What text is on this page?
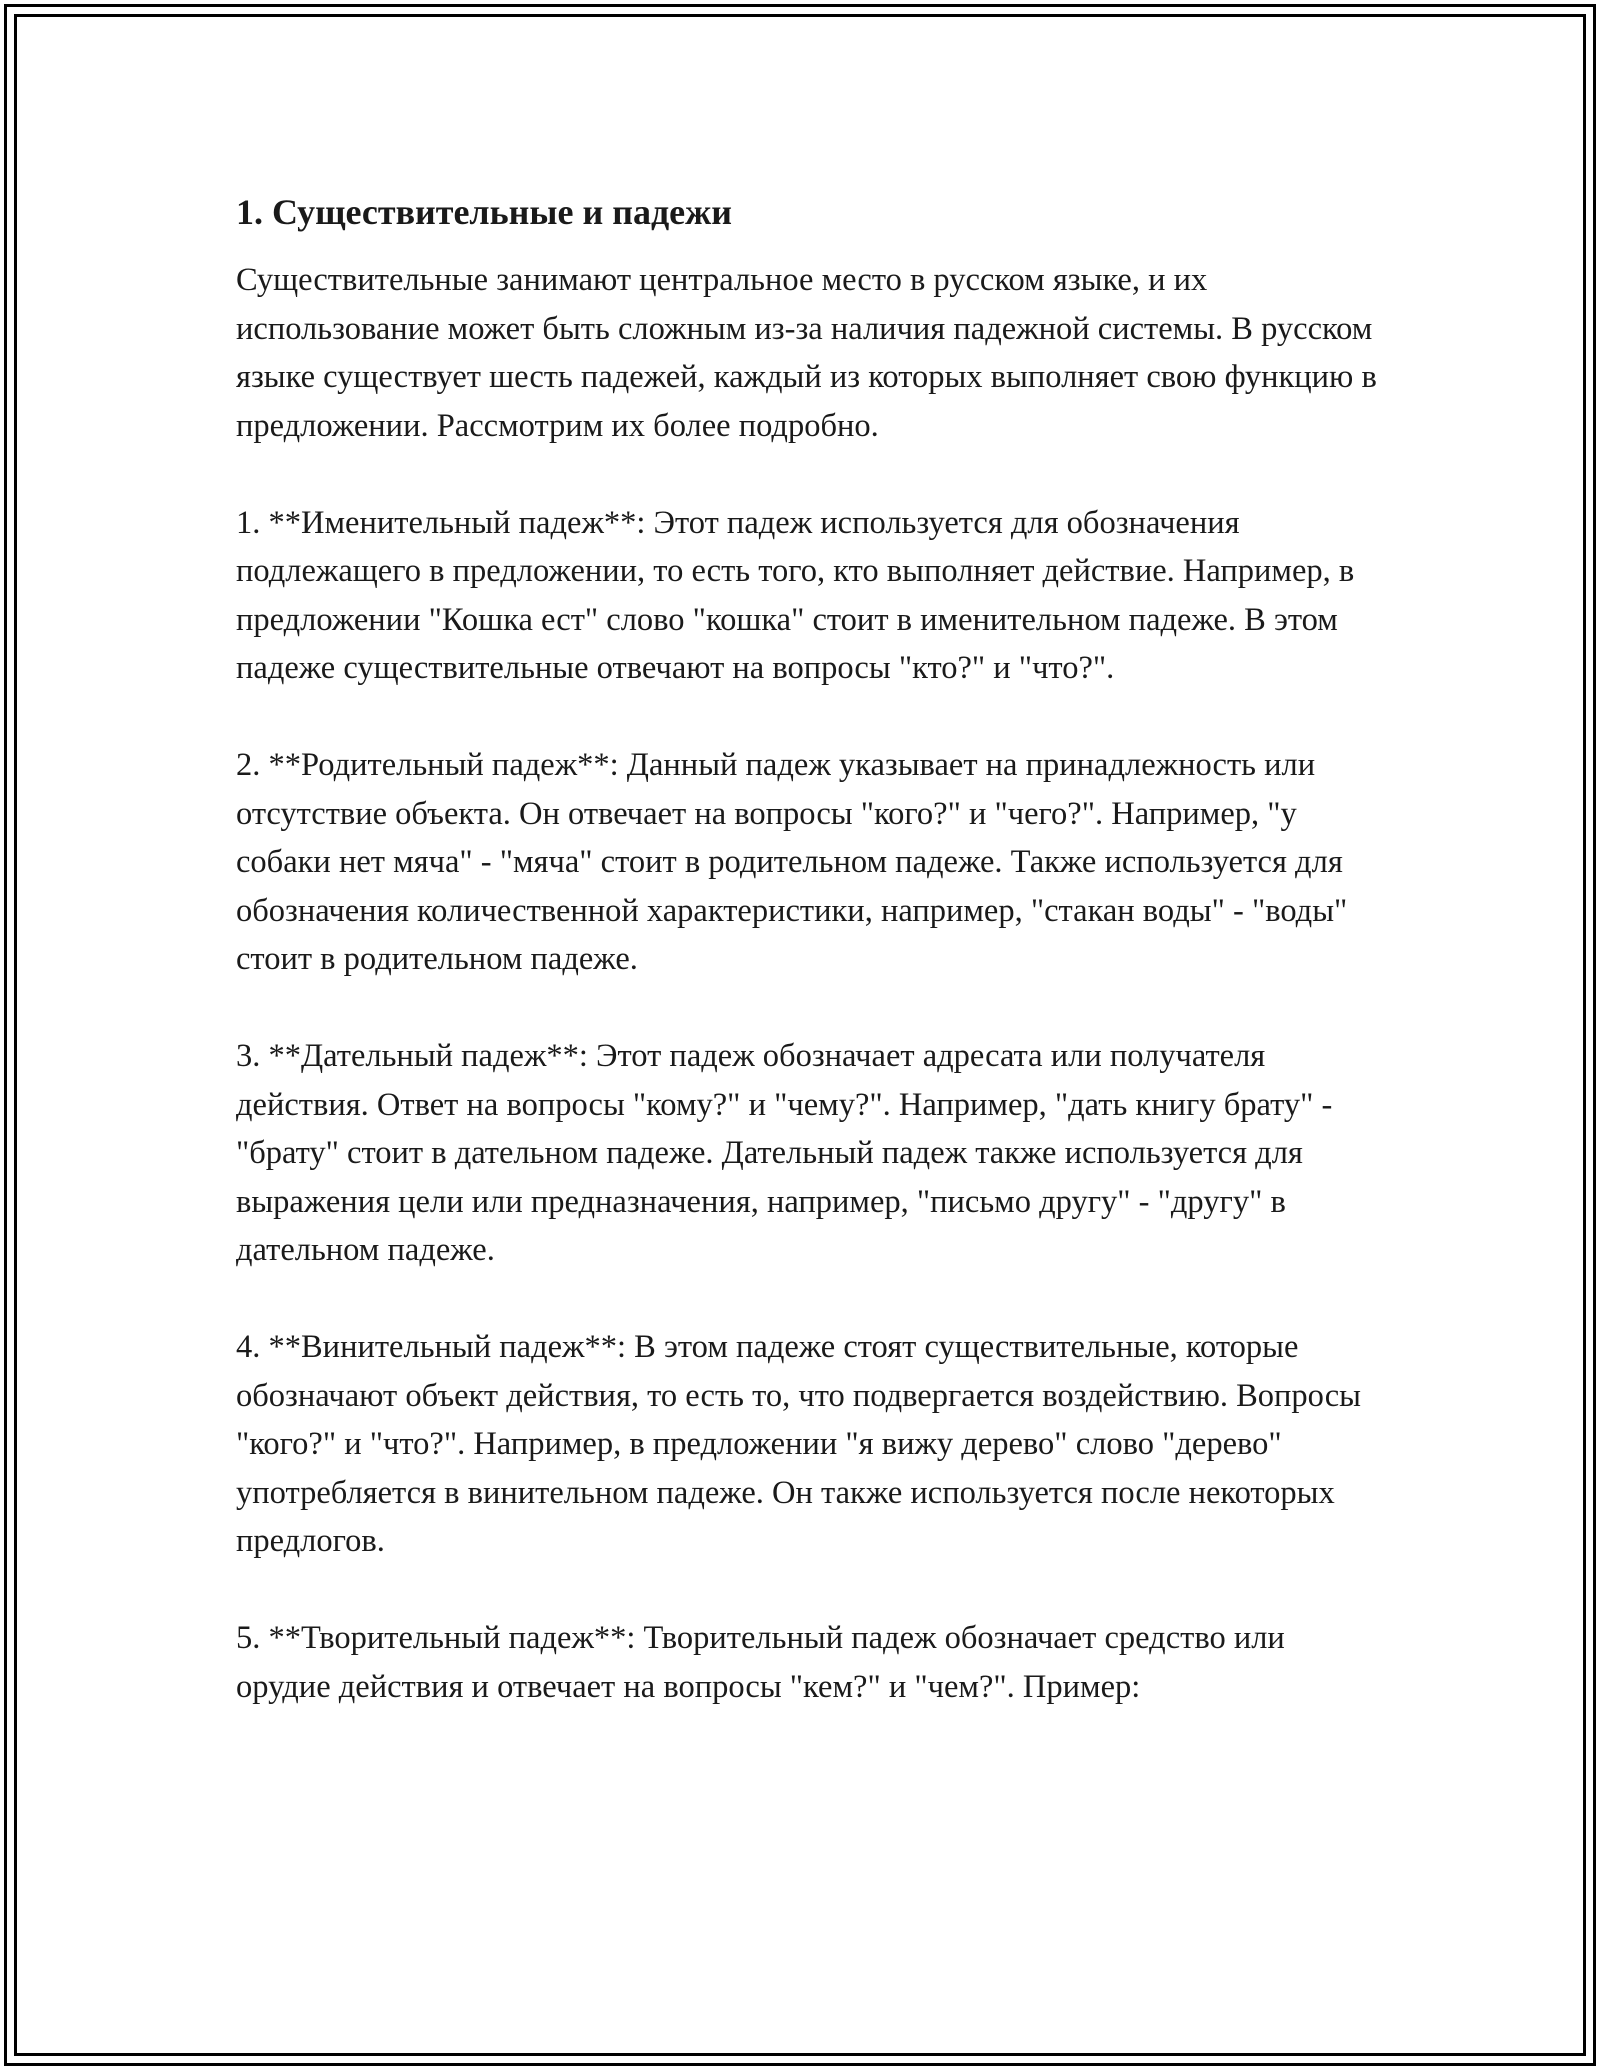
1. Существительные и падежи

Существительные занимают центральное место в русском языке, и их использование может быть сложным из-за наличия падежной системы. В русском языке существует шесть падежей, каждый из которых выполняет свою функцию в предложении. Рассмотрим их более подробно.

1. **Именительный падеж**: Этот падеж используется для обозначения подлежащего в предложении, то есть того, кто выполняет действие. Например, в предложении "Кошка ест" слово "кошка" стоит в именительном падеже. В этом падеже существительные отвечают на вопросы "кто?" и "что?".

2. **Родительный падеж**: Данный падеж указывает на принадлежность или отсутствие объекта. Он отвечает на вопросы "кого?" и "чего?". Например, "у собаки нет мяча" - "мяча" стоит в родительном падеже. Также используется для обозначения количественной характеристики, например, "стакан воды" - "воды" стоит в родительном падеже.

3. **Дательный падеж**: Этот падеж обозначает адресата или получателя действия. Ответ на вопросы "кому?" и "чему?". Например, "дать книгу брату" - "брату" стоит в дательном падеже. Дательный падеж также используется для выражения цели или предназначения, например, "письмо другу" - "другу" в дательном падеже.

4. **Винительный падеж**: В этом падеже стоят существительные, которые обозначают объект действия, то есть то, что подвергается воздействию. Вопросы "кого?" и "что?". Например, в предложении "я вижу дерево" слово "дерево" употребляется в винительном падеже. Он также используется после некоторых предлогов.

5. **Творительный падеж**: Творительный падеж обозначает средство или орудие действия и отвечает на вопросы "кем?" и "чем?". Пример:
